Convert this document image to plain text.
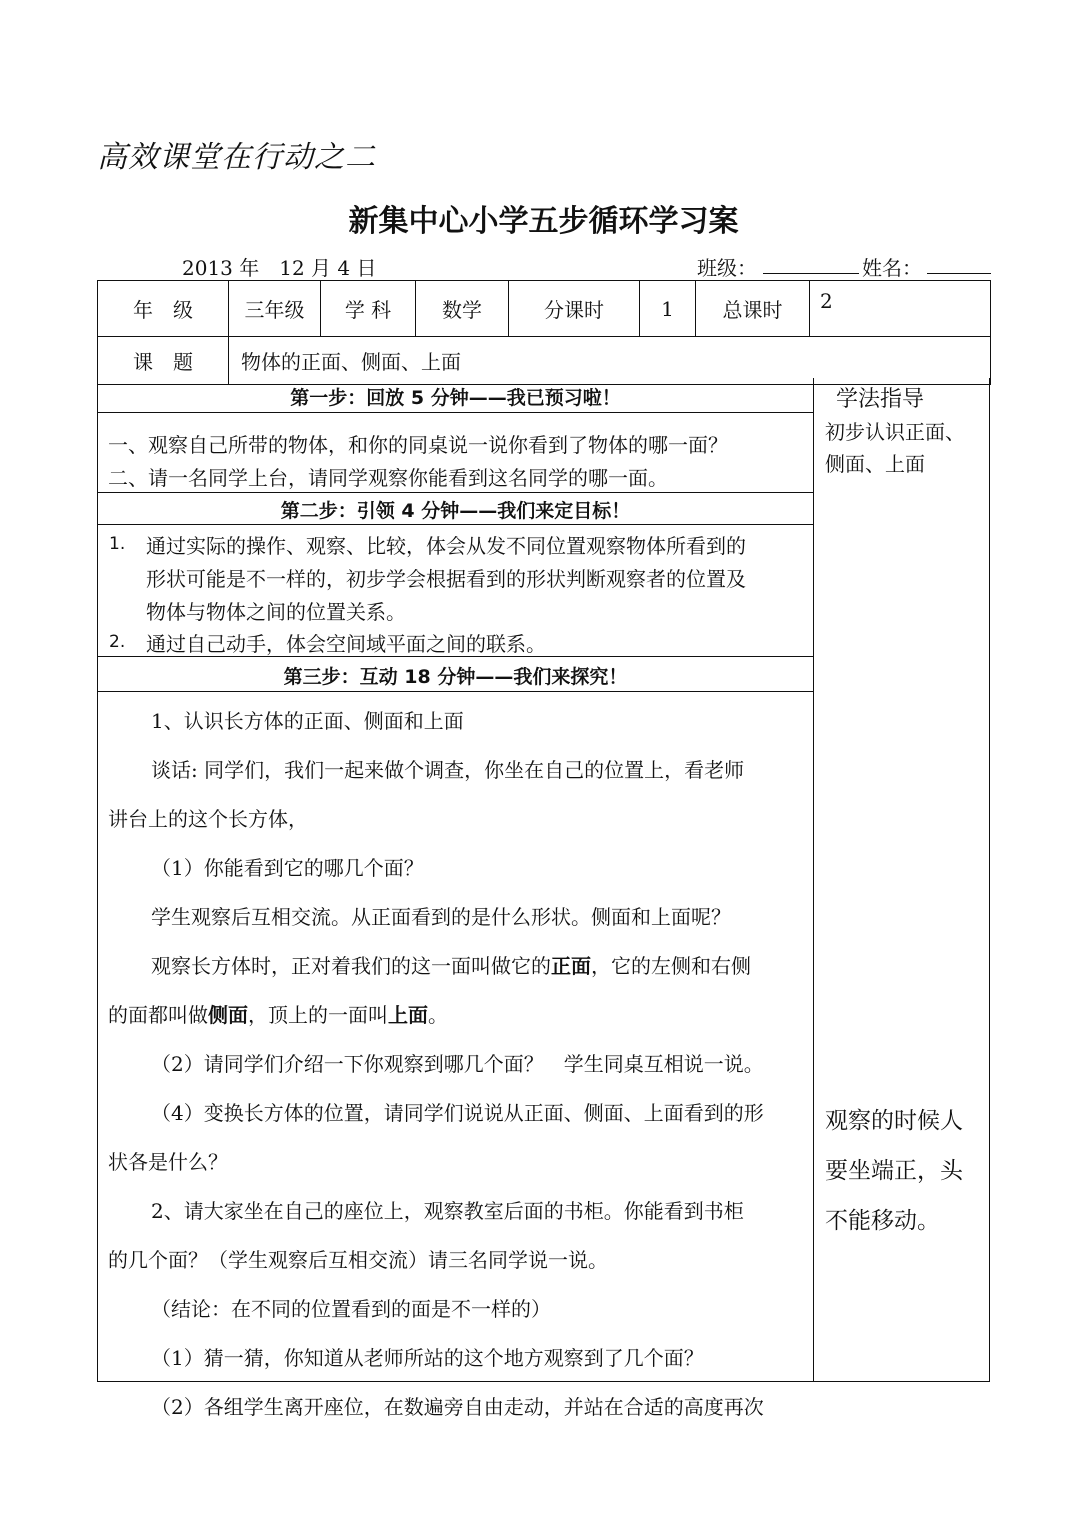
高效课堂在行动之二
新集中心小学五步循环学习案
2013 年　12 月 4 日	班级：	姓名：
年　级	三年级	学 科	数学	分课时	1	总课时	2
课　题	物体的正面、侧面、上面						
第一步：回放 5 分钟——我已预习啦！
一、观察自己所带的物体，和你的同桌说一说你看到了物体的哪一面？
二、请一名同学上台，请同学观察你能看到这名同学的哪一面。
第二步：引领 4 分钟——我们来定目标！
1. 通过实际的操作、观察、比较，体会从发不同位置观察物体所看到的
形状可能是不一样的，初步学会根据看到的形状判断观察者的位置及
物体与物体之间的位置关系。
2. 通过自己动手，体会空间域平面之间的联系。
第三步：互动 18 分钟——我们来探究！
1、认识长方体的正面、侧面和上面
谈话: 同学们，我们一起来做个调查，你坐在自己的位置上，看老师
讲台上的这个长方体，
（1）你能看到它的哪几个面？
学生观察后互相交流。从正面看到的是什么形状。侧面和上面呢？
观察长方体时，正对着我们的这一面叫做它的正面，它的左侧和右侧
的面都叫做侧面，顶上的一面叫上面。
（2）请同学们介绍一下你观察到哪几个面？　学生同桌互相说一说。
（4）变换长方体的位置，请同学们说说从正面、侧面、上面看到的形
状各是什么？
2、请大家坐在自己的座位上，观察教室后面的书柜。你能看到书柜
的几个面？（学生观察后互相交流）请三名同学说一说。
（结论：在不同的位置看到的面是不一样的）
（1）猜一猜，你知道从老师所站的这个地方观察到了几个面？
（2）各组学生离开座位，在数遍旁自由走动，并站在合适的高度再次
学法指导
初步认识正面、
侧面、上面
观察的时候人
要坐端正，头
不能移动。
